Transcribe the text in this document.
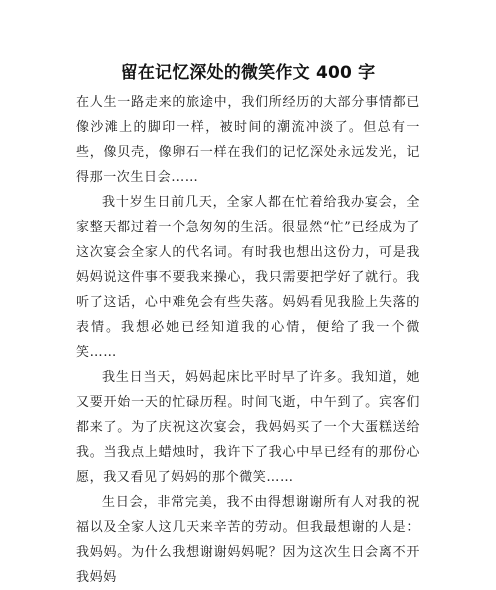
留在记忆深处的微笑作文 400 字

在人生一路走来的旅途中，我们所经历的大部分事情都已像沙滩上的脚印一样，被时间的潮流冲淡了。但总有一些，像贝壳，像卵石一样在我们的记忆深处永远发光，记得那一次生日会……

我十岁生日前几天，全家人都在忙着给我办宴会，全家整天都过着一个急匆匆的生活。很显然“忙”已经成为了这次宴会全家人的代名词。有时我也想出这份力，可是我妈妈说这件事不要我来操心，我只需要把学好了就行。我听了这话，心中难免会有些失落。妈妈看见我脸上失落的表情。我想必她已经知道我的心情，便给了我一个微笑……

我生日当天，妈妈起床比平时早了许多。我知道，她又要开始一天的忙碌历程。时间飞逝，中午到了。宾客们都来了。为了庆祝这次宴会，我妈妈买了一个大蛋糕送给我。当我点上蜡烛时，我许下了我心中早已经有的那份心愿，我又看见了妈妈的那个微笑……

生日会，非常完美，我不由得想谢谢所有人对我的祝福以及全家人这几天来辛苦的劳动。但我最想谢的人是：我妈妈。为什么我想谢谢妈妈呢？因为这次生日会离不开我妈妈
